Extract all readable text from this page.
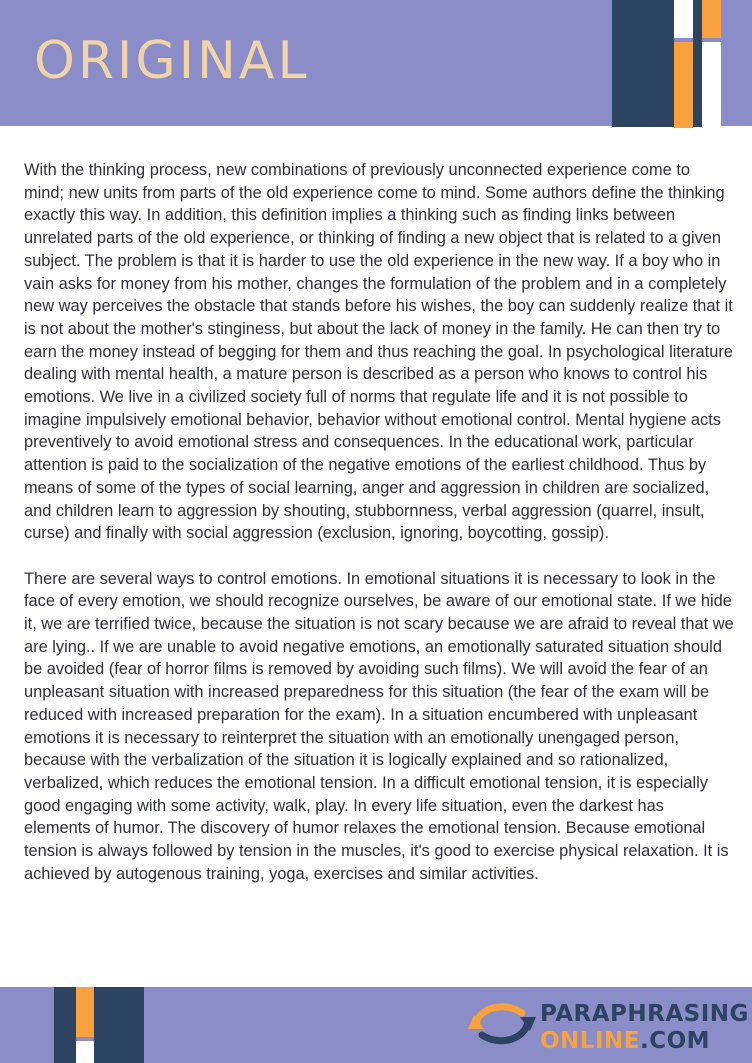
ORIGINAL

With the thinking process, new combinations of previously unconnected experience come to mind; new units from parts of the old experience come to mind. Some authors define the thinking exactly this way. In addition, this definition implies a thinking such as finding links between unrelated parts of the old experience, or thinking of finding a new object that is related to a given subject. The problem is that it is harder to use the old experience in the new way. If a boy who in vain asks for money from his mother, changes the formulation of the problem and in a completely new way perceives the obstacle that stands before his wishes, the boy can suddenly realize that it is not about the mother's stinginess, but about the lack of money in the family. He can then try to earn the money instead of begging for them and thus reaching the goal. In psychological literature dealing with mental health, a mature person is described as a person who knows to control his emotions. We live in a civilized society full of norms that regulate life and it is not possible to imagine impulsively emotional behavior, behavior without emotional control. Mental hygiene acts preventively to avoid emotional stress and consequences. In the educational work, particular attention is paid to the socialization of the negative emotions of the earliest childhood. Thus by means of some of the types of social learning, anger and aggression in children are socialized, and children learn to aggression by shouting, stubbornness, verbal aggression (quarrel, insult, curse) and finally with social aggression (exclusion, ignoring, boycotting, gossip).

There are several ways to control emotions. In emotional situations it is necessary to look in the face of every emotion, we should recognize ourselves, be aware of our emotional state. If we hide it, we are terrified twice, because the situation is not scary because we are afraid to reveal that we are lying.. If we are unable to avoid negative emotions, an emotionally saturated situation should be avoided (fear of horror films is removed by avoiding such films). We will avoid the fear of an unpleasant situation with increased preparedness for this situation (the fear of the exam will be reduced with increased preparation for the exam). In a situation encumbered with unpleasant emotions it is necessary to reinterpret the situation with an emotionally unengaged person, because with the verbalization of the situation it is logically explained and so rationalized, verbalized, which reduces the emotional tension. In a difficult emotional tension, it is especially good engaging with some activity, walk, play. In every life situation, even the darkest has elements of humor. The discovery of humor relaxes the emotional tension. Because emotional tension is always followed by tension in the muscles, it's good to exercise physical relaxation. It is achieved by autogenous training, yoga, exercises and similar activities.

PARAPHRASING
ONLINE.COM
